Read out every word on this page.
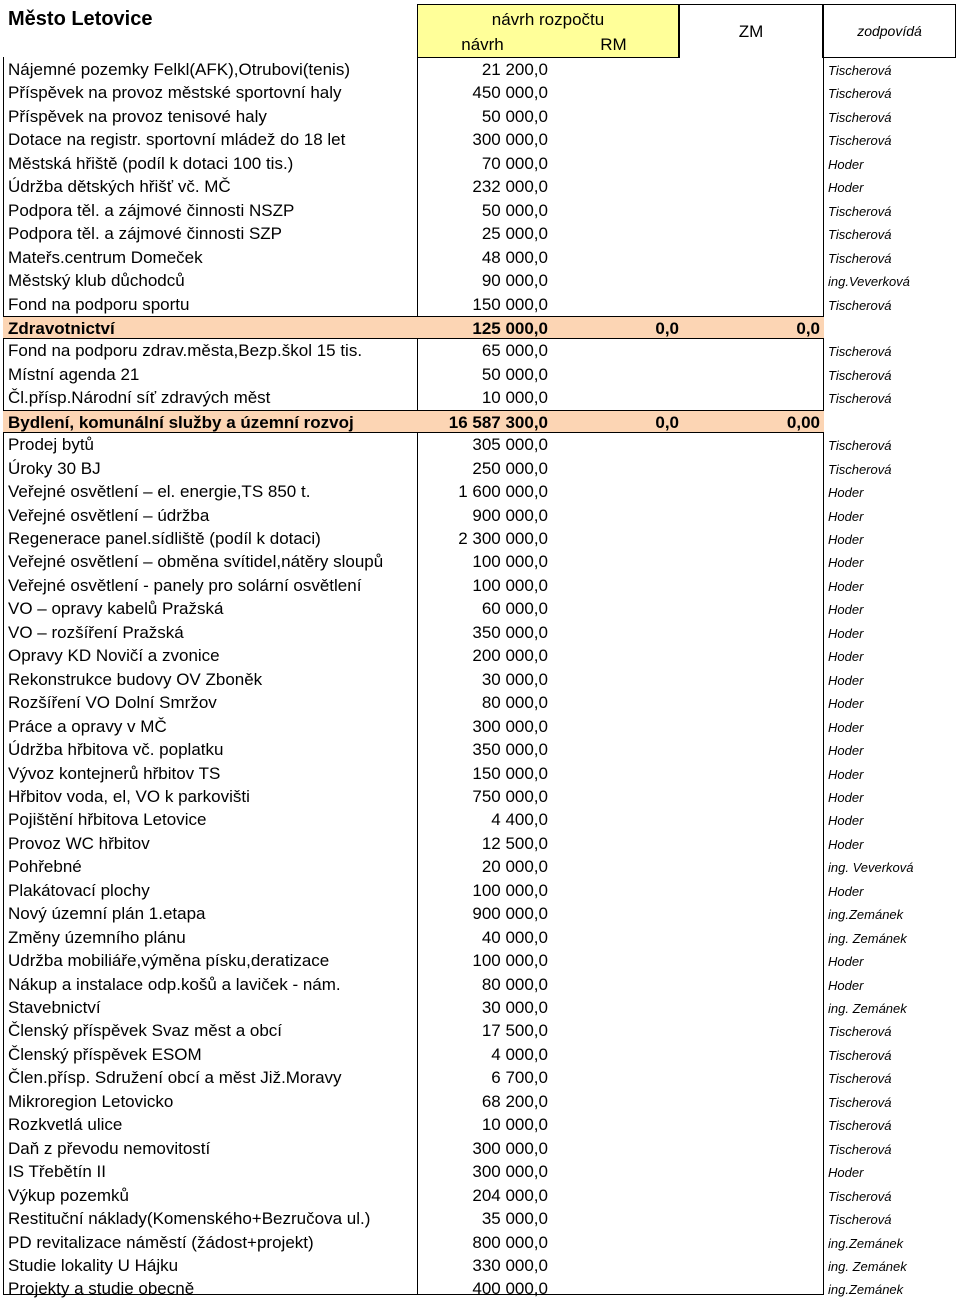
Město Letovice	návrh rozpočtu
návrh	RM
ZM	zodpovídá
Nájemné pozemky Felkl(AFK),Otrubovi(tenis)	21 200,0	Tischerová
Příspěvek na provoz městské sportovní haly	450 000,0	Tischerová
Příspěvek na provoz tenisové haly	50 000,0	Tischerová
Dotace na registr. sportovní mládež do 18 let	300 000,0	Tischerová
Městská hřiště (podíl k dotaci 100 tis.)	70 000,0	Hoder
Údržba dětských hřišť vč. MČ	232 000,0	Hoder
Podpora těl. a zájmové činnosti NSZP	50 000,0	Tischerová
Podpora těl. a zájmové činnosti SZP	25 000,0	Tischerová
Mateřs.centrum Domeček	48 000,0	Tischerová
Městský klub důchodců	90 000,0	ing.Veverková
Fond na podporu sportu	150 000,0	Tischerová
Zdravotnictví	125 000,0	0,0	0,0
Fond na podporu zdrav.města,Bezp.škol 15 tis.	65 000,0	Tischerová
Místní agenda 21	50 000,0	Tischerová
Čl.přísp.Národní síť zdravých měst	10 000,0	Tischerová
Bydlení, komunální služby a územní rozvoj	16 587 300,0	0,0	0,00
Prodej bytů	305 000,0	Tischerová
Úroky 30 BJ	250 000,0	Tischerová
Veřejné osvětlení – el. energie,TS 850 t.	1 600 000,0	Hoder
Veřejné osvětlení – údržba	900 000,0	Hoder
Regenerace panel.sídliště (podíl k dotaci)	2 300 000,0	Hoder
Veřejné osvětlení – obměna svítidel,nátěry sloupů	100 000,0	Hoder
Veřejné osvětlení - panely pro solární osvětlení	100 000,0	Hoder
VO – opravy kabelů Pražská	60 000,0	Hoder
VO – rozšíření Pražská	350 000,0	Hoder
Opravy KD Novičí a zvonice	200 000,0	Hoder
Rekonstrukce budovy OV Zboněk	30 000,0	Hoder
Rozšíření VO Dolní Smržov	80 000,0	Hoder
Práce a opravy v MČ	300 000,0	Hoder
Údržba hřbitova vč. poplatku	350 000,0	Hoder
Vývoz kontejnerů hřbitov TS	150 000,0	Hoder
Hřbitov voda, el, VO k parkovišti	750 000,0	Hoder
Pojištění hřbitova Letovice	4 400,0	Hoder
Provoz WC hřbitov	12 500,0	Hoder
Pohřebné	20 000,0	ing. Veverková
Plakátovací plochy	100 000,0	Hoder
Nový územní plán 1.etapa	900 000,0	ing.Zemánek
Změny územního plánu	40 000,0	ing. Zemánek
Udržba mobiliáře,výměna písku,deratizace	100 000,0	Hoder
Nákup a instalace odp.košů a laviček - nám.	80 000,0	Hoder
Stavebnictví	30 000,0	ing. Zemánek
Členský příspěvek Svaz měst a obcí	17 500,0	Tischerová
Členský příspěvek ESOM	4 000,0	Tischerová
Člen.přísp. Sdružení obcí a měst Již.Moravy	6 700,0	Tischerová
Mikroregion Letovicko	68 200,0	Tischerová
Rozkvetlá ulice	10 000,0	Tischerová
Daň z převodu nemovitostí	300 000,0	Tischerová
IS Třebětín II	300 000,0	Hoder
Výkup pozemků	204 000,0	Tischerová
Restituční náklady(Komenského+Bezručova ul.)	35 000,0	Tischerová
PD revitalizace náměstí (žádost+projekt)	800 000,0	ing.Zemánek
Studie lokality U Hájku	330 000,0	ing. Zemánek
Projekty a studie obecně	400 000,0	ing.Zemánek
